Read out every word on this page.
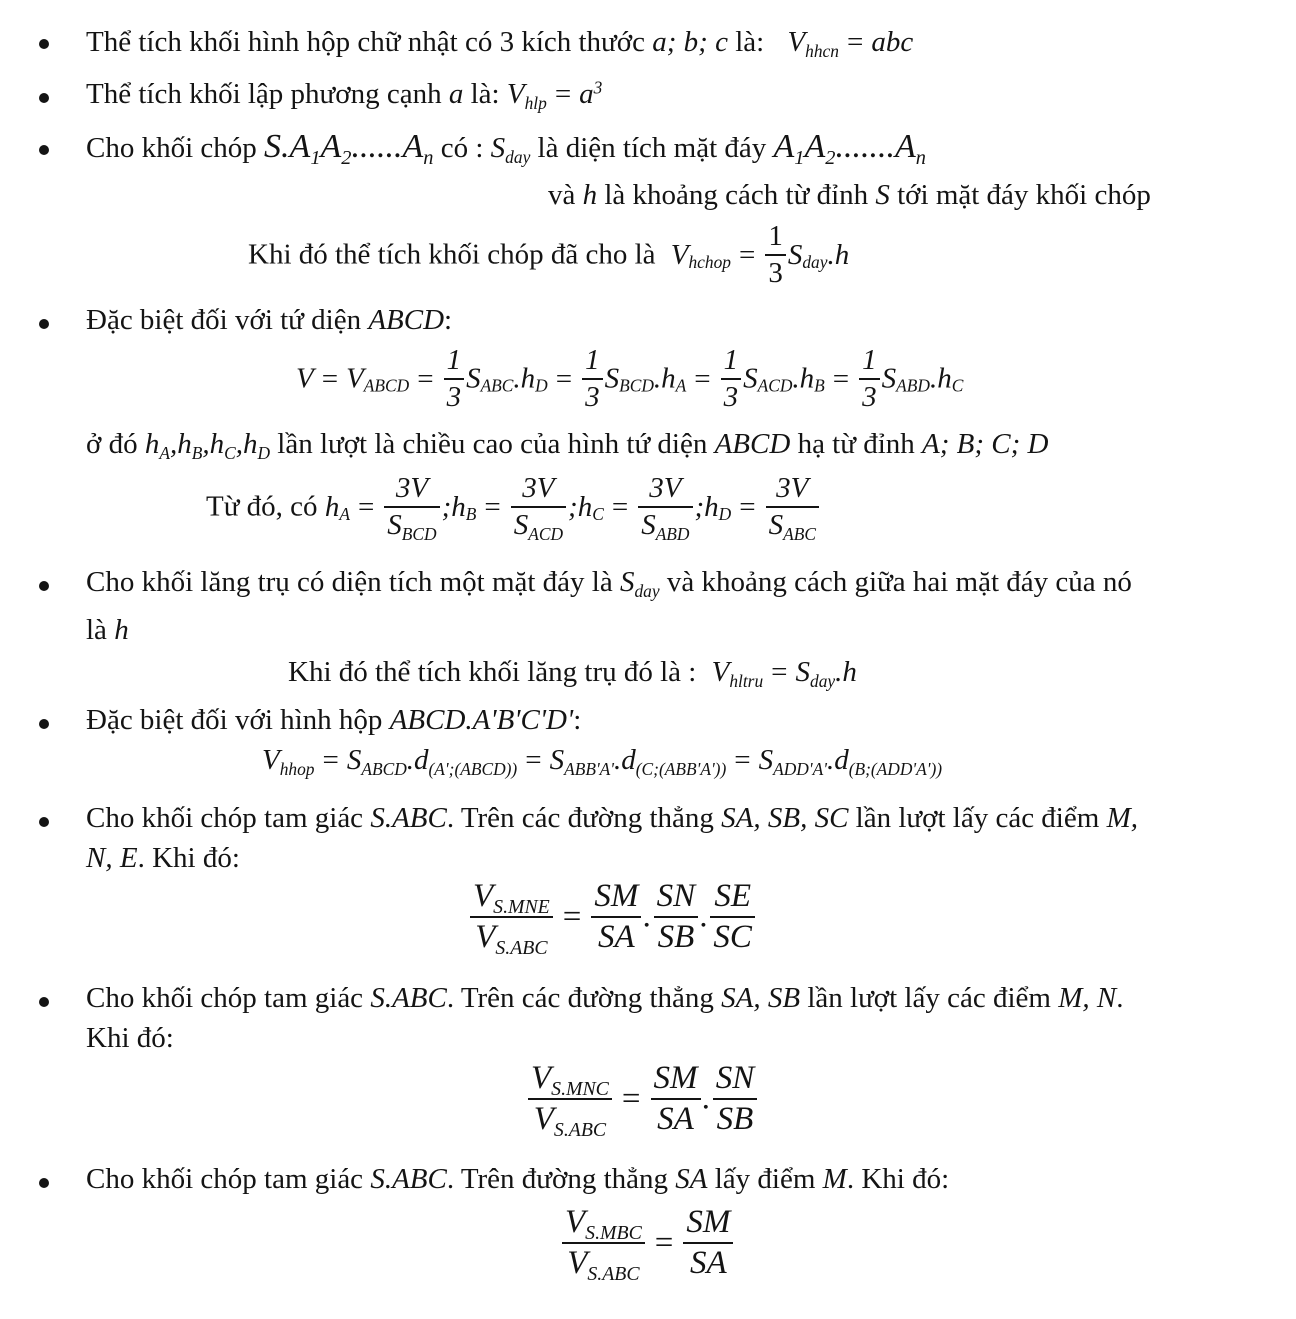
Thể tích khối hình hộp chữ nhật có 3 kích thước a; b; c là: $V_{hhcn}$ = abc
Thể tích khối lập phương cạnh a là: $V_{hlp} = a^3$
Cho khối chóp $S.A_1A_2......A_n$ có : $S_{day}$ là diện tích mặt đáy $A_1A_2.......A_n$
và h là khoảng cách từ đỉnh S tới mặt đáy khối chóp
Khi đó thể tích khối chóp đã cho là $V_{hchop} = \frac{1}{3} S_{day}.h$
Đặc biệt đối với tứ diện ABCD:
$V = V_{ABCD} = \frac{1}{3} S_{ABC}.h_D = \frac{1}{3} S_{BCD}.h_A = \frac{1}{3} S_{ACD}.h_B = \frac{1}{3} S_{ABD}.h_C$
ở đó $h_A,h_B,h_C,h_D$ lần lượt là chiều cao của hình tứ diện ABCD hạ từ đỉnh A; B; C; D
Từ đó, có $h_A = \frac{3V}{S_{BCD}}$ $;h_B = \frac{3V}{S_{ACD}}$ $;h_C = \frac{3V}{S_{ABD}}$ $;h_D = \frac{3V}{S_{ABC}}$
Cho khối lăng trụ có diện tích một mặt đáy là $S_{day}$ và khoảng cách giữa hai mặt đáy của nó
là h
Khi đó thể tích khối lăng trụ đó là : $V_{hltru} = S_{day}.h$
Đặc biệt đối với hình hộp ABCD.A'B'C'D':
$V_{hhop} = S_{ABCD}.d_{(A';(ABCD))} = S_{ABB'A'}.d_{(C;(ABB'A'))} = S_{ADD'A'}.d_{(B;(ADD'A'))}$
Cho khối chóp tam giác S.ABC. Trên các đường thẳng SA, SB, SC lần lượt lấy các điểm M,
N, E. Khi đó:
$\frac{V_{S.MNE}}{V_{S.ABC}} = \frac{SM}{SA}$ . $\frac{SN}{SB}$ . $\frac{SE}{SC}$
Cho khối chóp tam giác S.ABC. Trên các đường thẳng SA, SB lần lượt lấy các điểm M, N.
Khi đó:
$\frac{V_{S.MNC}}{V_{S.ABC}} = \frac{SM}{SA}$ . $\frac{SN}{SB}$
Cho khối chóp tam giác S.ABC. Trên đường thẳng SA lấy điểm M. Khi đó:
$\frac{V_{S.MBC}}{V_{S.ABC}} = \frac{SM}{SA}$
